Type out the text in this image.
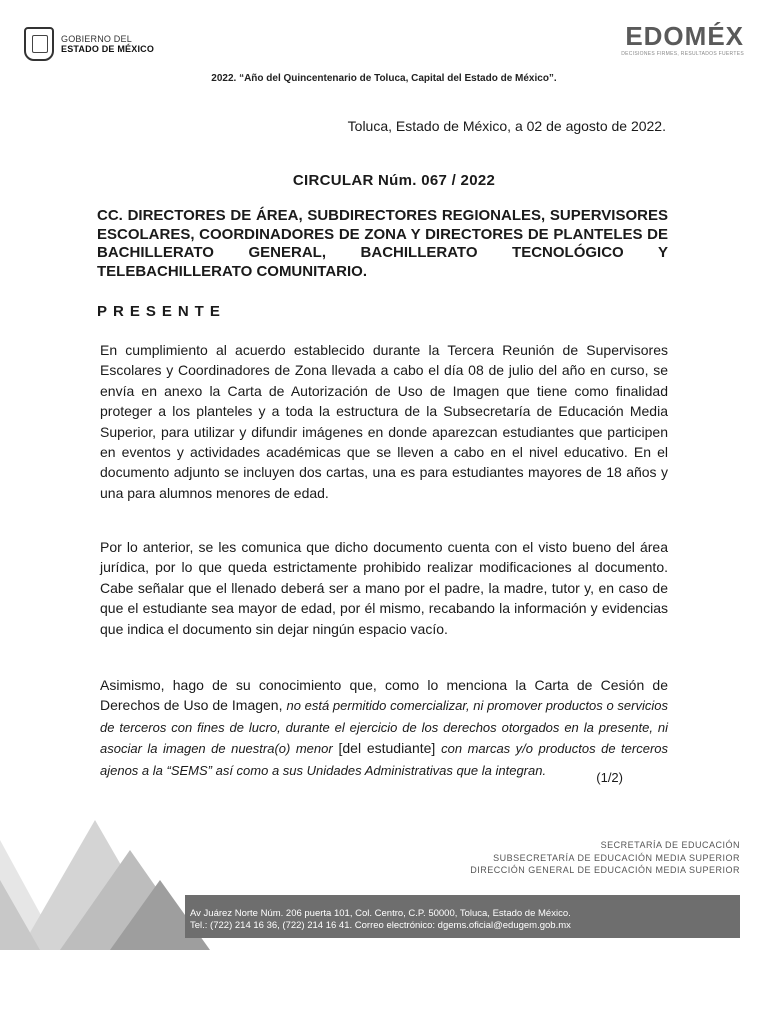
GOBIERNO DEL
ESTADO DE MÉXICO	EDOMÉX
DECISIONES FIRMES, RESULTADOS FUERTES
2022. “Año del Quincentenario de Toluca, Capital del Estado de México”.
Toluca, Estado de México, a 02 de agosto de 2022.
CIRCULAR Núm. 067 / 2022
CC. DIRECTORES DE ÁREA, SUBDIRECTORES REGIONALES, SUPERVISORES ESCOLARES, COORDINADORES DE ZONA Y DIRECTORES DE PLANTELES DE BACHILLERATO GENERAL, BACHILLERATO TECNOLÓGICO Y TELEBACHILLERATO COMUNITARIO.
PRESENTE
En cumplimiento al acuerdo establecido durante la Tercera Reunión de Supervisores Escolares y Coordinadores de Zona llevada a cabo el día 08 de julio del año en curso, se envía en anexo la Carta de Autorización de Uso de Imagen que tiene como finalidad proteger a los planteles y a toda la estructura de la Subsecretaría de Educación Media Superior, para utilizar y difundir imágenes en donde aparezcan estudiantes que participen en eventos y actividades académicas que se lleven a cabo en el nivel educativo. En el documento adjunto se incluyen dos cartas, una es para estudiantes mayores de 18 años y una para alumnos menores de edad.
Por lo anterior, se les comunica que dicho documento cuenta con el visto bueno del área jurídica, por lo que queda estrictamente prohibido realizar modificaciones al documento. Cabe señalar que el llenado deberá ser a mano por el padre, la madre, tutor y, en caso de que el estudiante sea mayor de edad, por él mismo, recabando la información y evidencias que indica el documento sin dejar ningún espacio vacío.
Asimismo, hago de su conocimiento que, como lo menciona la Carta de Cesión de Derechos de Uso de Imagen, no está permitido comercializar, ni promover productos o servicios de terceros con fines de lucro, durante el ejercicio de los derechos otorgados en la presente, ni asociar la imagen de nuestra(o) menor [del estudiante] con marcas y/o productos de terceros ajenos a la “SEMS” así como a sus Unidades Administrativas que la integran.	(1/2)
SECRETARÍA DE EDUCACIÓN
SUBSECRETARÍA DE EDUCACIÓN MEDIA SUPERIOR
DIRECCIÓN GENERAL DE EDUCACIÓN MEDIA SUPERIOR
Av Juárez Norte Núm. 206 puerta 101, Col. Centro, C.P. 50000, Toluca, Estado de México.
Tel.: (722) 214 16 36, (722) 214 16 41. Correo electrónico: dgems.oficial@edugem.gob.mx
